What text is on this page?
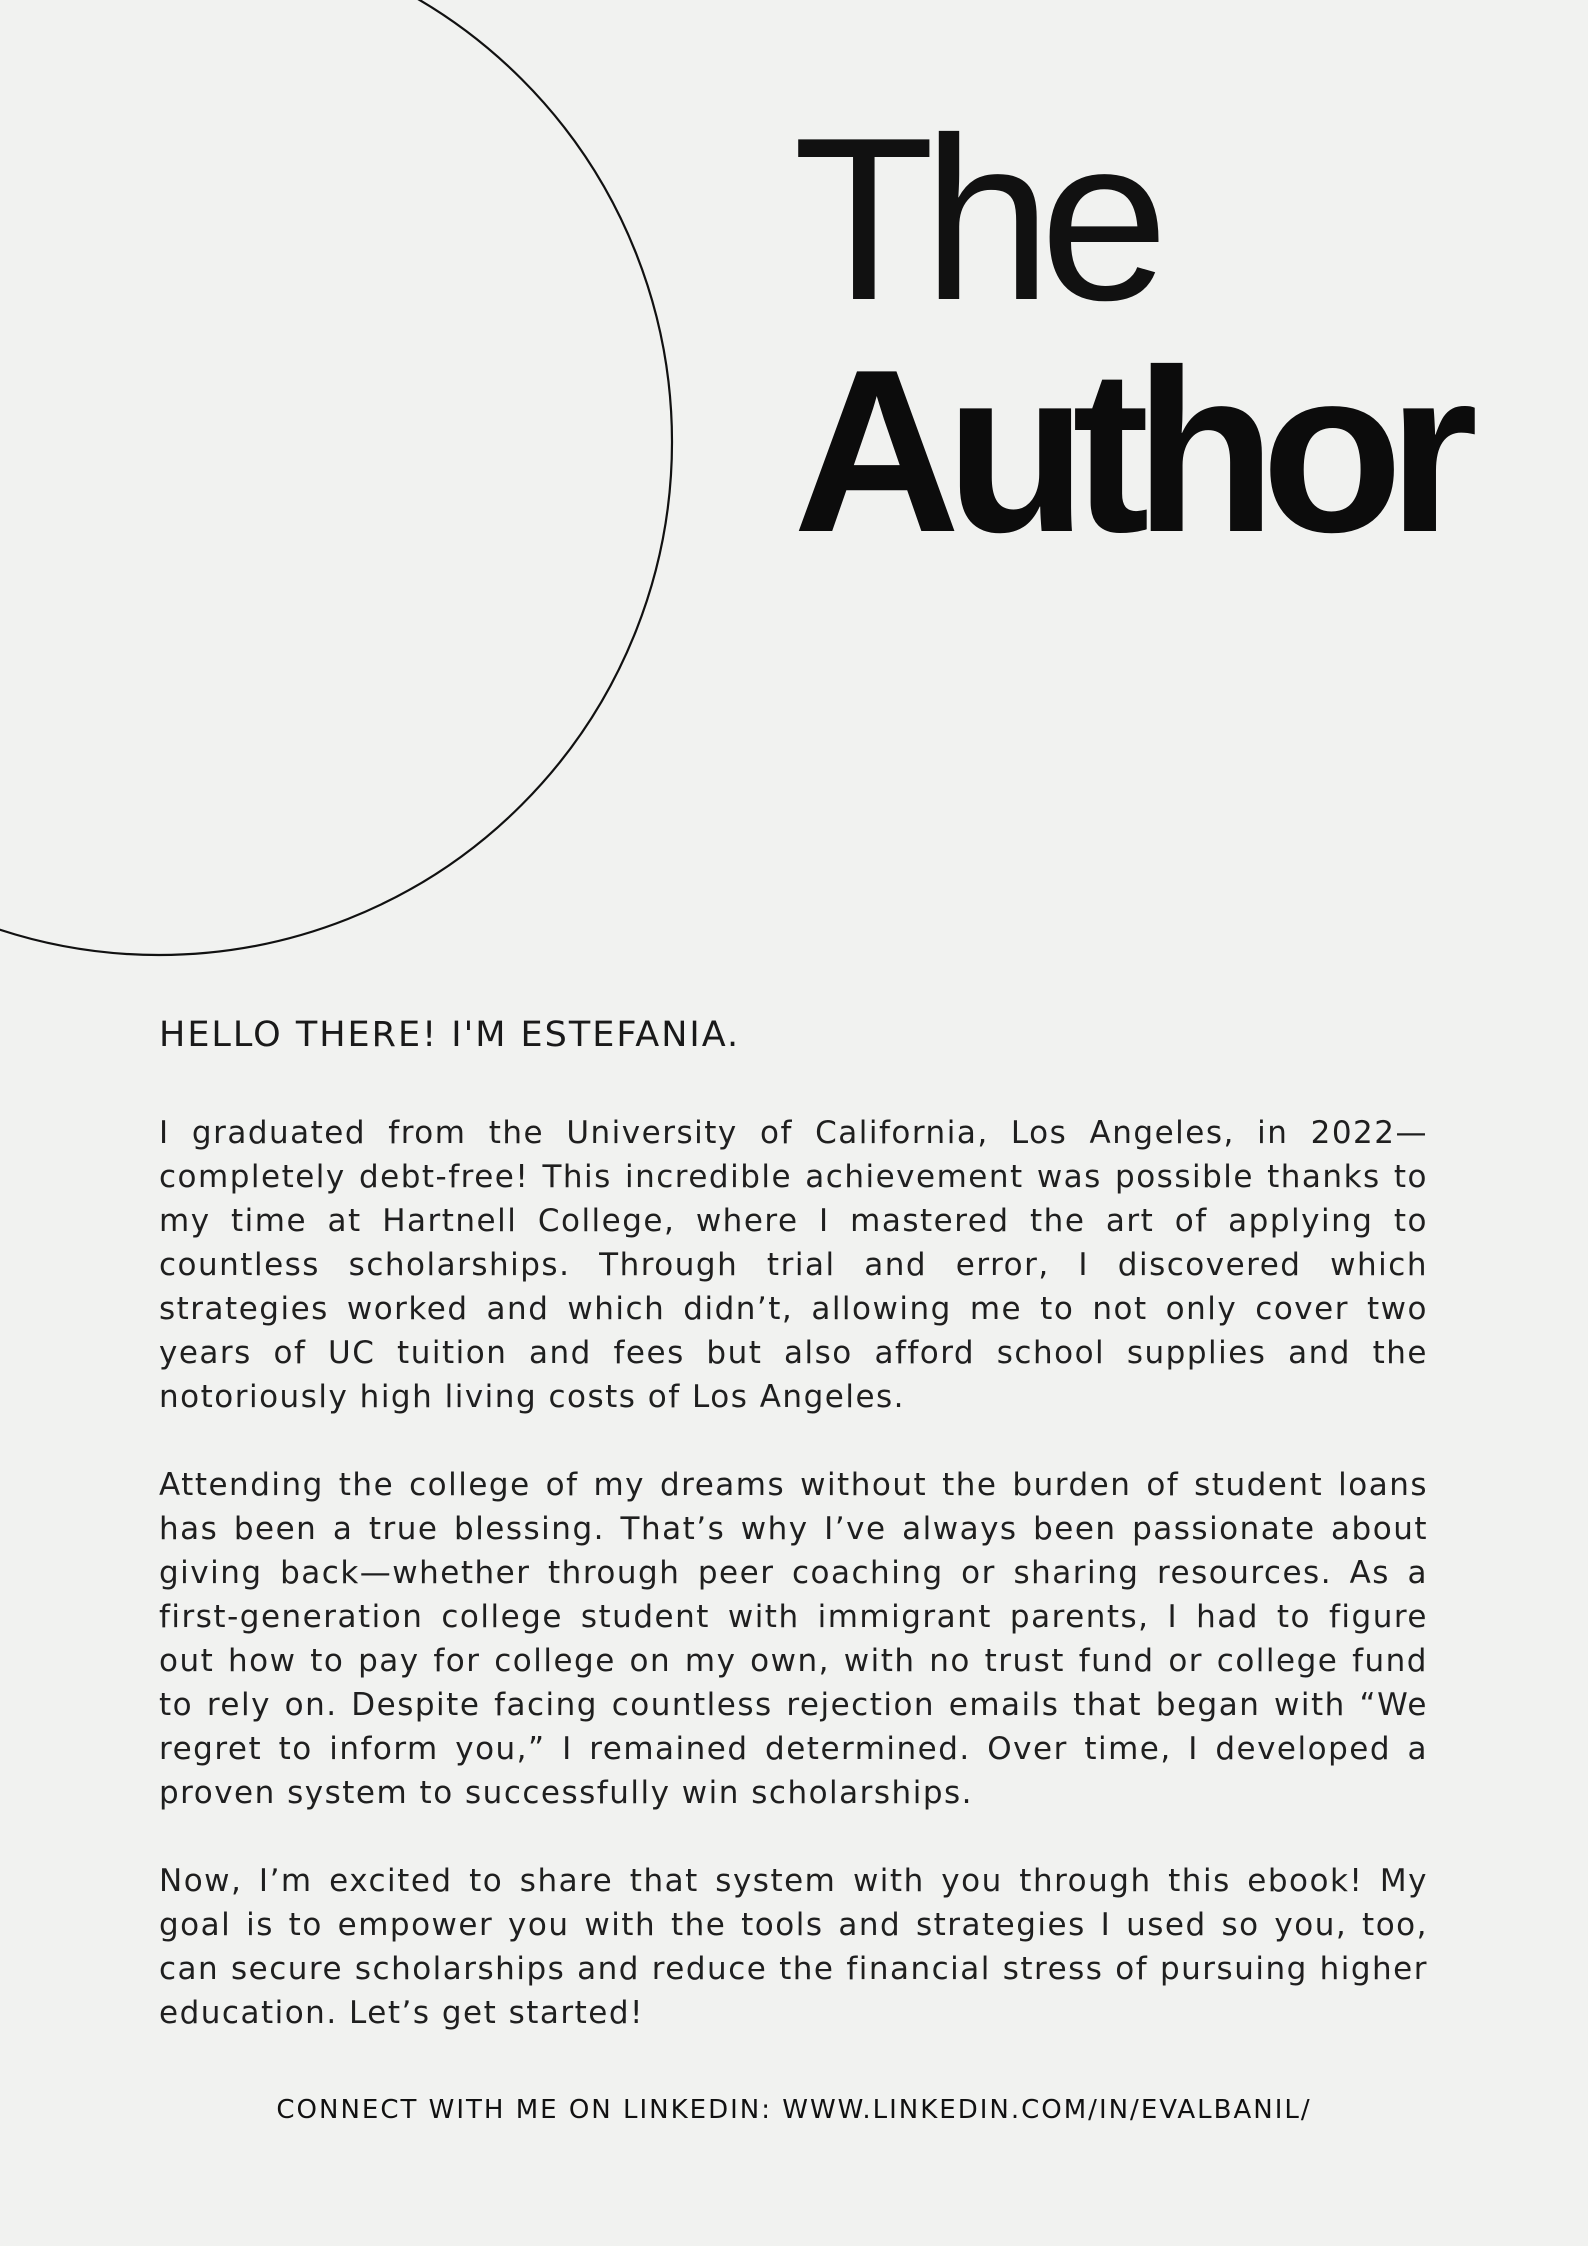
The
Author
HELLO THERE! I'M ESTEFANIA.

I graduated from the University of California, Los Angeles, in 2022—completely debt-free! This incredible achievement was possible thanks to my time at Hartnell College, where I mastered the art of applying to countless scholarships. Through trial and error, I discovered which strategies worked and which didn’t, allowing me to not only cover two years of UC tuition and fees but also afford school supplies and the notoriously high living costs of Los Angeles.

Attending the college of my dreams without the burden of student loans has been a true blessing. That’s why I’ve always been passionate about giving back—whether through peer coaching or sharing resources. As a first-generation college student with immigrant parents, I had to figure out how to pay for college on my own, with no trust fund or college fund to rely on. Despite facing countless rejection emails that began with “We regret to inform you,” I remained determined. Over time, I developed a proven system to successfully win scholarships.

Now, I’m excited to share that system with you through this ebook! My goal is to empower you with the tools and strategies I used so you, too, can secure scholarships and reduce the financial stress of pursuing higher education. Let’s get started!

CONNECT WITH ME ON LINKEDIN: WWW.LINKEDIN.COM/IN/EVALBANIL/
